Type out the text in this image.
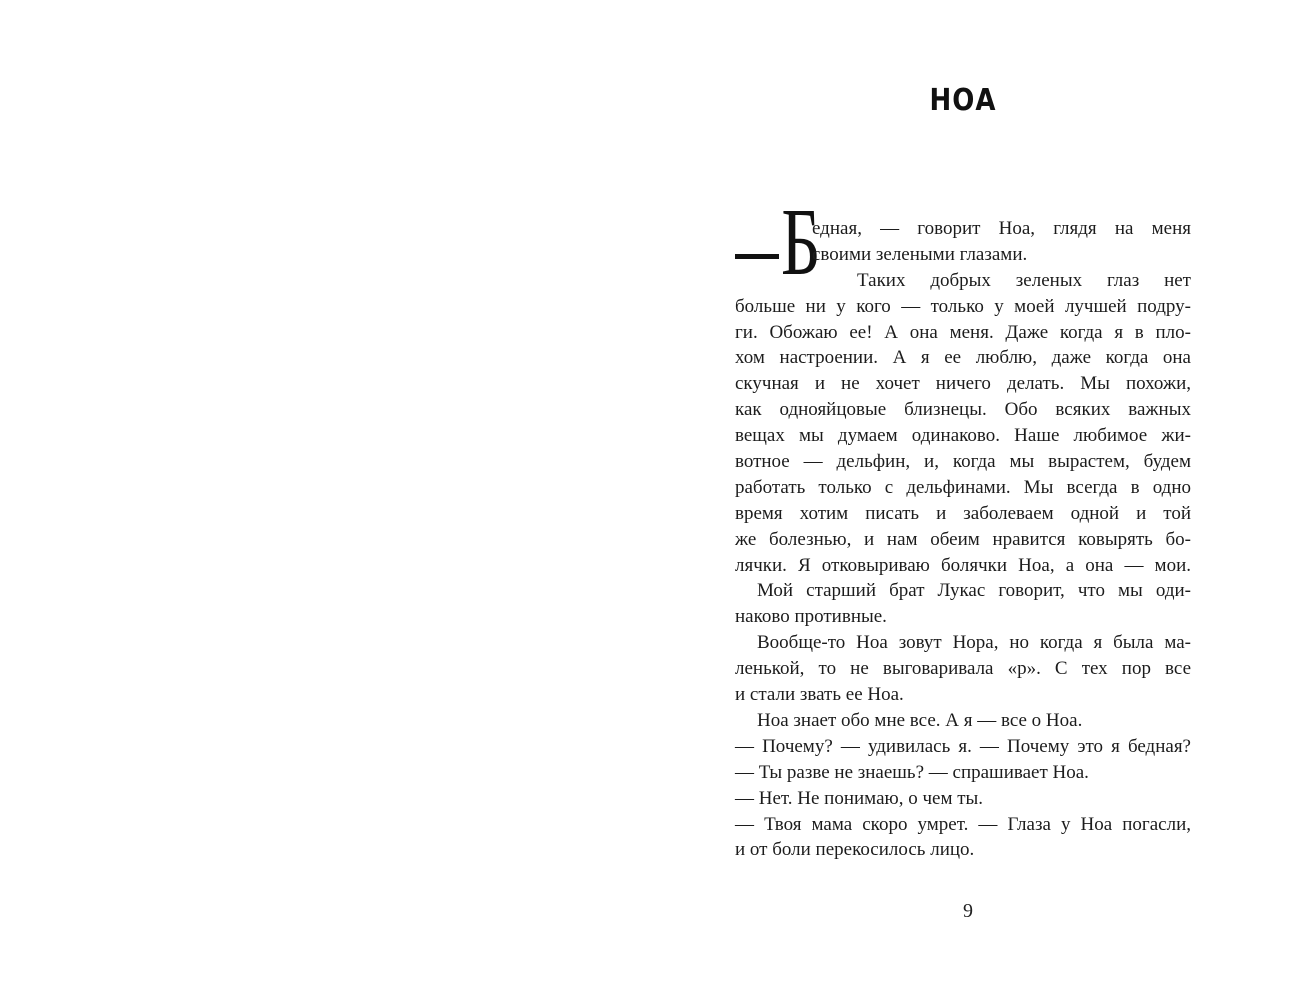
НОА
Б
едная, — говорит Ноа, глядя на меня
своими зелеными глазами.
Таких добрых зеленых глаз нет
больше ни у кого — только у моей лучшей подру-
ги. Обожаю ее! А она меня. Даже когда я в пло-
хом настроении. А я ее люблю, даже когда она
скучная и не хочет ничего делать. Мы похожи,
как однояйцовые близнецы. Обо всяких важных
вещах мы думаем одинаково. Наше любимое жи-
вотное — дельфин, и, когда мы вырастем, будем
работать только с дельфинами. Мы всегда в одно
время хотим писать и заболеваем одной и той
же болезнью, и нам обеим нравится ковырять бо-
лячки. Я отковыриваю болячки Ноа, а она — мои.
Мой старший брат Лукас говорит, что мы оди-
наково противные.
Вообще-то Ноа зовут Нора, но когда я была ма-
ленькой, то не выговаривала «р». С тех пор все
и стали звать ее Ноа.
Ноа знает обо мне все. А я — все о Ноа.
— Почему? — удивилась я. — Почему это я бедная?
— Ты разве не знаешь? — спрашивает Ноа.
— Нет. Не понимаю, о чем ты.
— Твоя мама скоро умрет. — Глаза у Ноа погасли,
и от боли перекосилось лицо.
9
